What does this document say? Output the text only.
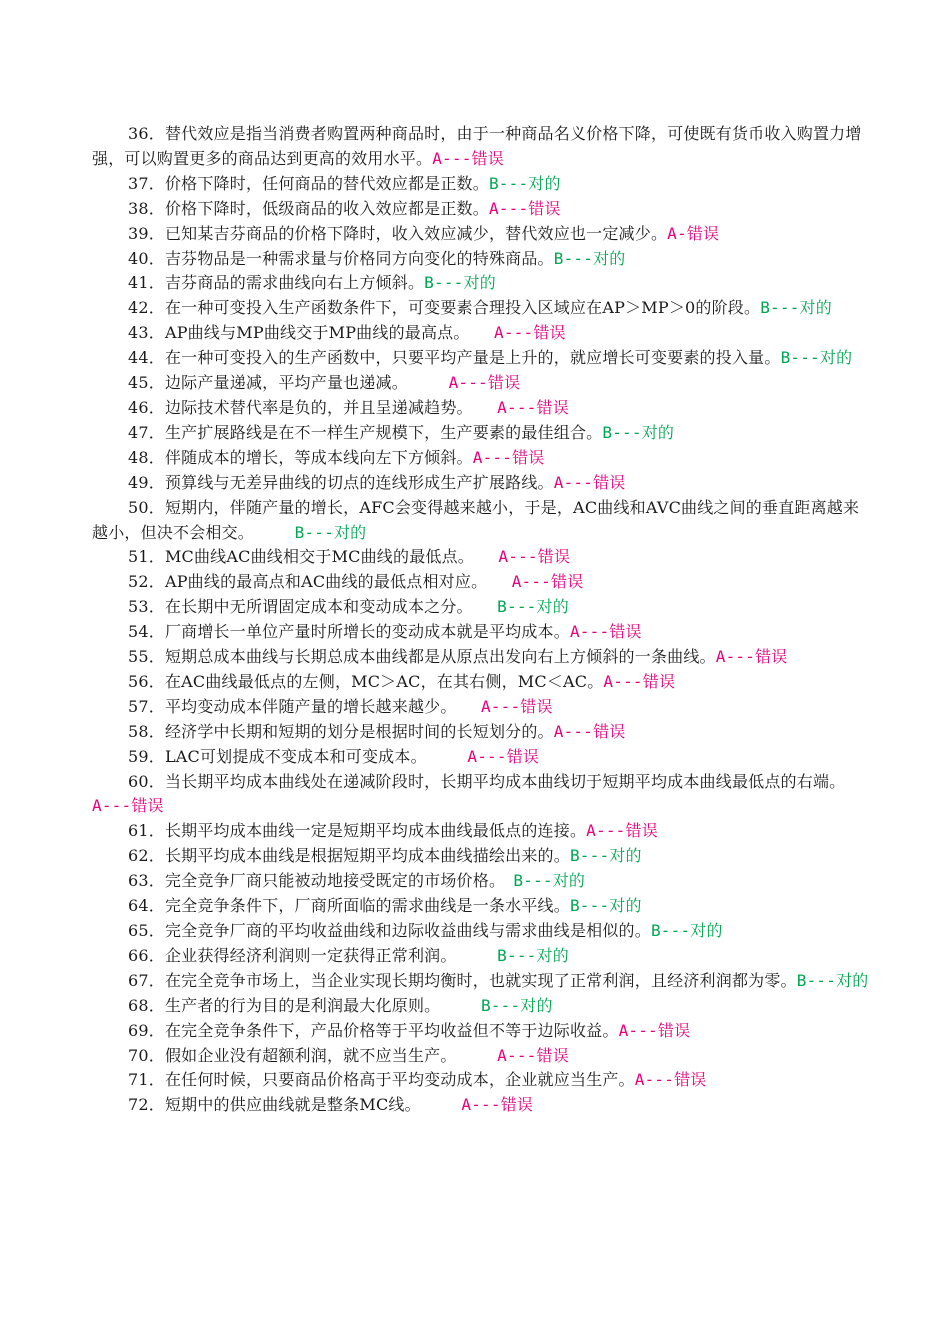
36．替代效应是指当消费者购置两种商品时，由于一种商品名义价格下降，可使既有货币收入购置力增强，可以购置更多的商品达到更高的效用水平。A---错误
37．价格下降时，任何商品的替代效应都是正数。B---对的
38．价格下降时，低级商品的收入效应都是正数。A---错误
39．已知某吉芬商品的价格下降时，收入效应减少，替代效应也一定减少。A-错误
40．吉芬物品是一种需求量与价格同方向变化的特殊商品。B---对的
41．吉芬商品的需求曲线向右上方倾斜。B---对的
42．在一种可变投入生产函数条件下，可变要素合理投入区域应在AP＞MP＞0的阶段。B---对的
43．AP曲线与MP曲线交于MP曲线的最高点。　　A---错误
44．在一种可变投入的生产函数中，只要平均产量是上升的，就应增长可变要素的投入量。B---对的
45．边际产量递减，平均产量也递减。　　　A---错误
46．边际技术替代率是负的，并且呈递减趋势。　　A---错误
47．生产扩展路线是在不一样生产规模下，生产要素的最佳组合。B---对的
48．伴随成本的增长，等成本线向左下方倾斜。A---错误
49．预算线与无差异曲线的切点的连线形成生产扩展路线。A---错误
50．短期内，伴随产量的增长，AFC会变得越来越小，于是，AC曲线和AVC曲线之间的垂直距离越来越小，但决不会相交。　　　B---对的
51．MC曲线AC曲线相交于MC曲线的最低点。　　A---错误
52．AP曲线的最高点和AC曲线的最低点相对应。　　A---错误
53．在长期中无所谓固定成本和变动成本之分。　　B---对的
54．厂商增长一单位产量时所增长的变动成本就是平均成本。A---错误
55．短期总成本曲线与长期总成本曲线都是从原点出发向右上方倾斜的一条曲线。A---错误
56．在AC曲线最低点的左侧，MC＞AC，在其右侧，MC＜AC。A---错误
57．平均变动成本伴随产量的增长越来越少。　　A---错误
58．经济学中长期和短期的划分是根据时间的长短划分的。A---错误
59．LAC可划提成不变成本和可变成本。　　　A---错误
60．当长期平均成本曲线处在递减阶段时，长期平均成本曲线切于短期平均成本曲线最低点的右端。　　　　　A---错误
61．长期平均成本曲线一定是短期平均成本曲线最低点的连接。A---错误
62．长期平均成本曲线是根据短期平均成本曲线描绘出来的。B---对的
63．完全竞争厂商只能被动地接受既定的市场价格。　B---对的
64．完全竞争条件下，厂商所面临的需求曲线是一条水平线。B---对的
65．完全竞争厂商的平均收益曲线和边际收益曲线与需求曲线是相似的。B---对的
66．企业获得经济利润则一定获得正常利润。　　　B---对的
67．在完全竞争市场上，当企业实现长期均衡时，也就实现了正常利润，且经济利润都为零。B---对的
68．生产者的行为目的是利润最大化原则。　　　B---对的
69．在完全竞争条件下，产品价格等于平均收益但不等于边际收益。A---错误
70．假如企业没有超额利润，就不应当生产。　　　A---错误
71．在任何时候，只要商品价格高于平均变动成本，企业就应当生产。A---错误
72．短期中的供应曲线就是整条MC线。　　　A---错误
